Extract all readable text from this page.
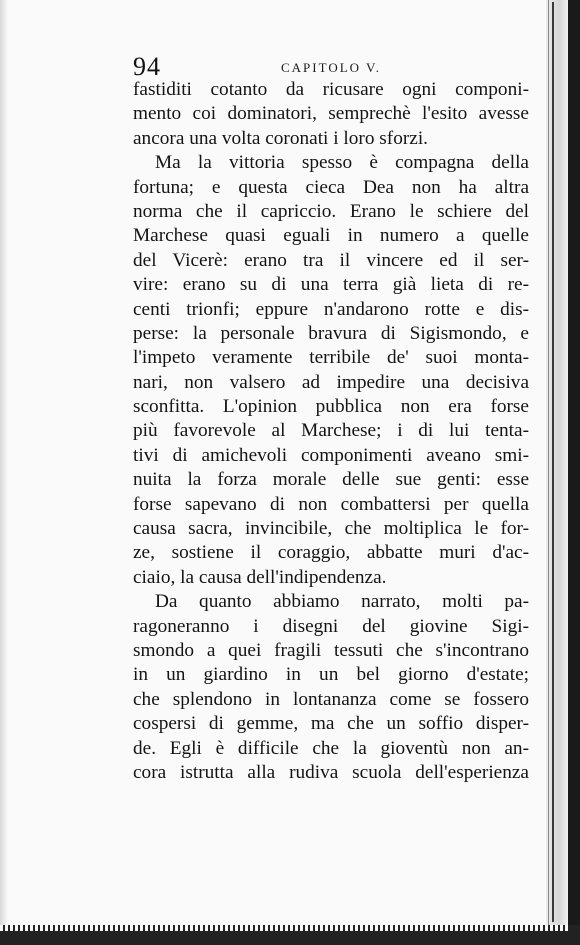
94	CAPITOLO V.
fastiditi cotanto da ricusare ogni componi-
mento coi dominatori, semprechè l'esito avesse
ancora una volta coronati i loro sforzi.
Ma la vittoria spesso è compagna della
fortuna; e questa cieca Dea non ha altra
norma che il capriccio. Erano le schiere del
Marchese quasi eguali in numero a quelle
del Vicerè: erano tra il vincere ed il ser-
vire: erano su di una terra già lieta di re-
centi trionfi; eppure n'andarono rotte e dis-
perse: la personale bravura di Sigismondo, e
l'impeto veramente terribile de' suoi monta-
nari, non valsero ad impedire una decisiva
sconfitta. L'opinion pubblica non era forse
più favorevole al Marchese; i di lui tenta-
tivi di amichevoli componimenti aveano smi-
nuita la forza morale delle sue genti: esse
forse sapevano di non combattersi per quella
causa sacra, invincibile, che moltiplica le for-
ze, sostiene il coraggio, abbatte muri d'ac-
ciaio, la causa dell'indipendenza.
Da quanto abbiamo narrato, molti pa-
ragoneranno i disegni del giovine Sigi-
smondo a quei fragili tessuti che s'incontrano
in un giardino in un bel giorno d'estate;
che splendono in lontananza come se fossero
cospersi di gemme, ma che un soffio disper-
de. Egli è difficile che la gioventù non an-
cora istrutta alla rudiva scuola dell'esperienza
